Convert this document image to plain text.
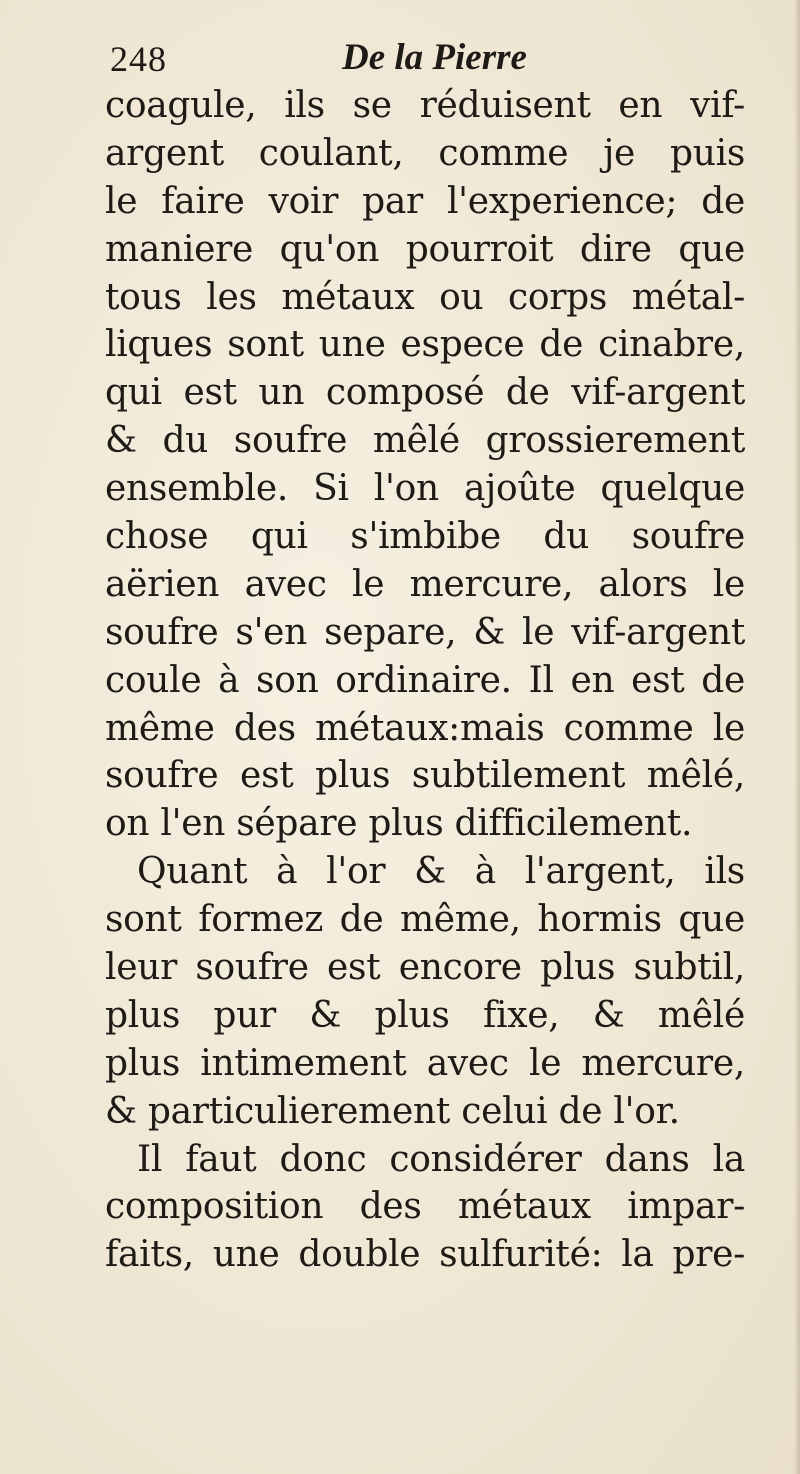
248	De la Pierre
coagule, ils se réduisent en vif-
argent coulant, comme je puis
le faire voir par l'experience; de
maniere qu'on pourroit dire que
tous les métaux ou corps métal-
liques sont une espece de cinabre,
qui est un composé de vif-argent
& du soufre mêlé grossierement
ensemble. Si l'on ajoûte quelque
chose qui s'imbibe du soufre
aërien avec le mercure, alors le
soufre s'en separe, & le vif-argent
coule à son ordinaire. Il en est de
même des métaux:mais comme le
soufre est plus subtilement mêlé,
on l'en sépare plus difficilement.
Quant à l'or & à l'argent, ils
sont formez de même, hormis que
leur soufre est encore plus subtil,
plus pur & plus fixe, & mêlé
plus intimement avec le mercure,
& particulierement celui de l'or.
Il faut donc considérer dans la
composition des métaux impar-
faits, une double sulfurité: la pre-
